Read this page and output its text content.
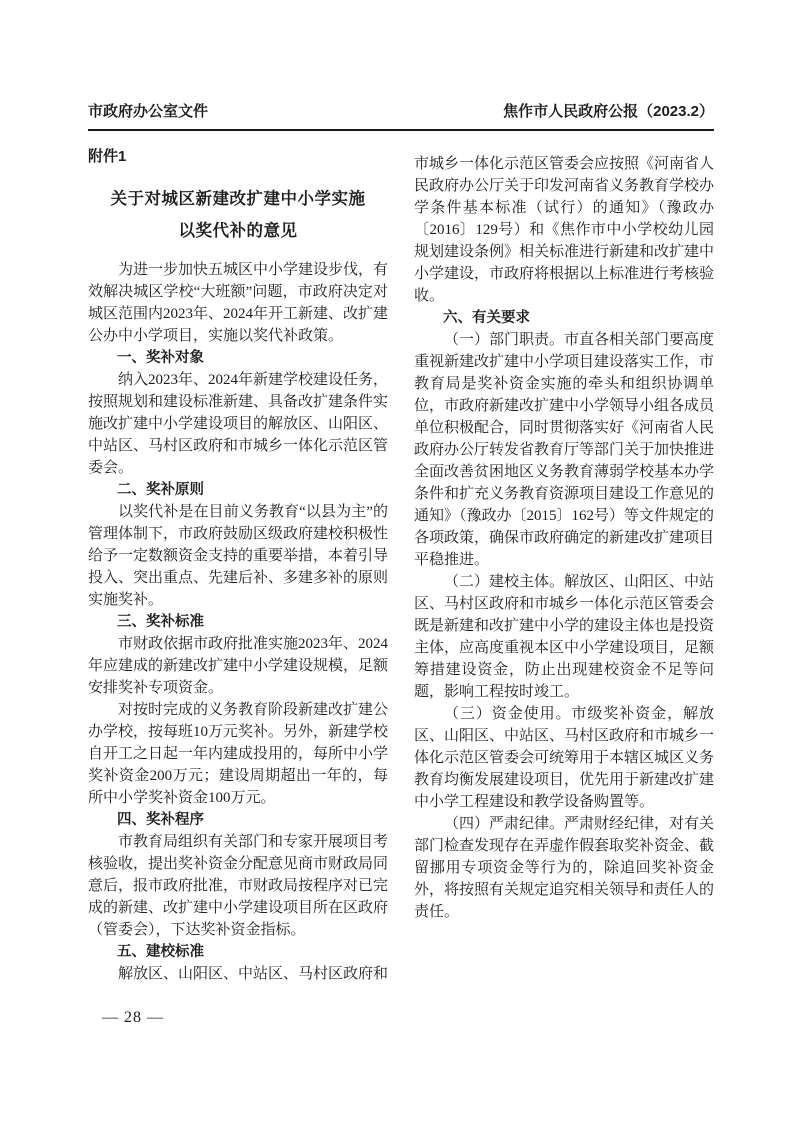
市政府办公室文件	焦作市人民政府公报（2023.2）
附件1
关于对城区新建改扩建中小学实施
以奖代补的意见

为进一步加快五城区中小学建设步伐，有效解决城区学校“大班额”问题，市政府决定对城区范围内2023年、2024年开工新建、改扩建公办中小学项目，实施以奖代补政策。

一、奖补对象

纳入2023年、2024年新建学校建设任务，按照规划和建设标准新建、具备改扩建条件实施改扩建中小学建设项目的解放区、山阳区、中站区、马村区政府和市城乡一体化示范区管委会。

二、奖补原则

以奖代补是在目前义务教育“以县为主”的管理体制下，市政府鼓励区级政府建校积极性给予一定数额资金支持的重要举措，本着引导投入、突出重点、先建后补、多建多补的原则实施奖补。

三、奖补标准

市财政依据市政府批准实施2023年、2024年应建成的新建改扩建中小学建设规模，足额安排奖补专项资金。

对按时完成的义务教育阶段新建改扩建公办学校，按每班10万元奖补。另外，新建学校自开工之日起一年内建成投用的，每所中小学奖补资金200万元；建设周期超出一年的，每所中小学奖补资金100万元。

四、奖补程序

市教育局组织有关部门和专家开展项目考核验收，提出奖补资金分配意见商市财政局同意后，报市政府批准，市财政局按程序对已完成的新建、改扩建中小学建设项目所在区政府（管委会），下达奖补资金指标。

五、建校标准

解放区、山阳区、中站区、马村区政府和

市城乡一体化示范区管委会应按照《河南省人民政府办公厅关于印发河南省义务教育学校办学条件基本标准（试行）的通知》（豫政办〔2016〕129号）和《焦作市中小学校幼儿园规划建设条例》相关标准进行新建和改扩建中小学建设，市政府将根据以上标准进行考核验收。

六、有关要求

（一）部门职责。市直各相关部门要高度重视新建改扩建中小学项目建设落实工作，市教育局是奖补资金实施的牵头和组织协调单位，市政府新建改扩建中小学领导小组各成员单位积极配合，同时贯彻落实好《河南省人民政府办公厅转发省教育厅等部门关于加快推进全面改善贫困地区义务教育薄弱学校基本办学条件和扩充义务教育资源项目建设工作意见的通知》（豫政办〔2015〕162号）等文件规定的各项政策，确保市政府确定的新建改扩建项目平稳推进。

（二）建校主体。解放区、山阳区、中站区、马村区政府和市城乡一体化示范区管委会既是新建和改扩建中小学的建设主体也是投资主体，应高度重视本区中小学建设项目，足额筹措建设资金，防止出现建校资金不足等问题，影响工程按时竣工。

（三）资金使用。市级奖补资金，解放区、山阳区、中站区、马村区政府和市城乡一体化示范区管委会可统筹用于本辖区城区义务教育均衡发展建设项目，优先用于新建改扩建中小学工程建设和教学设备购置等。

（四）严肃纪律。严肃财经纪律，对有关部门检查发现存在弄虚作假套取奖补资金、截留挪用专项资金等行为的，除追回奖补资金外，将按照有关规定追究相关领导和责任人的责任。

— 28 —
